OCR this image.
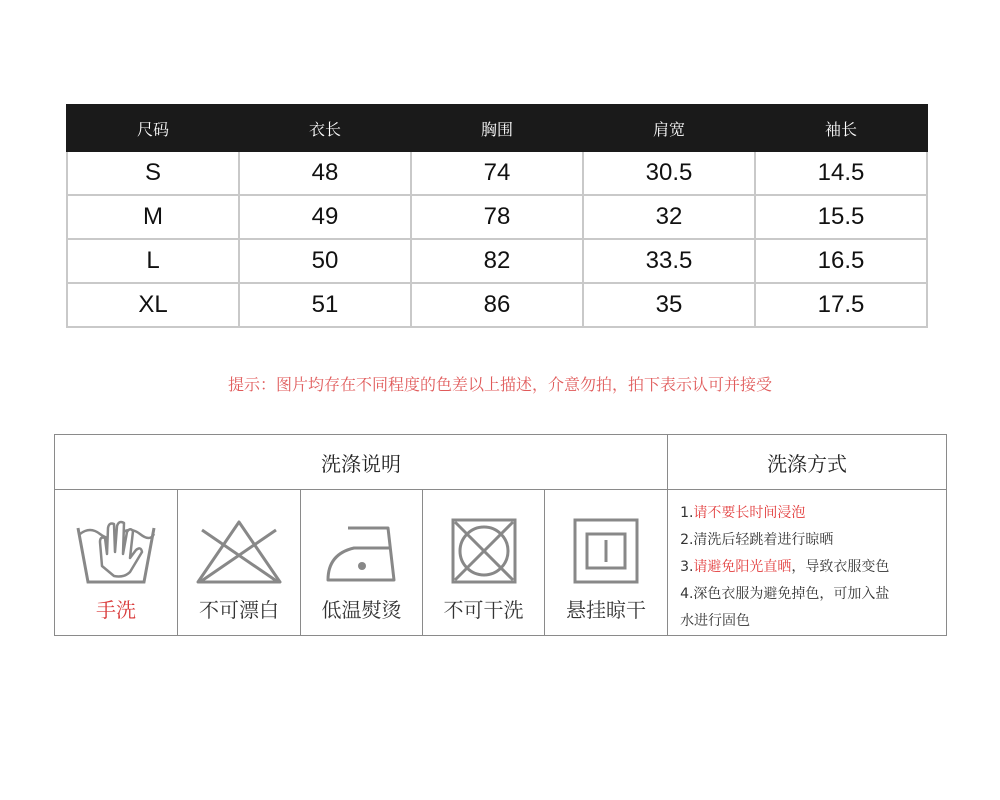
尺码	衣长	胸围	肩宽	袖长
S	48	74	30.5	14.5
M	49	78	32	15.5
L	50	82	33.5	16.5
XL	51	86	35	17.5
提示：图片均存在不同程度的色差以上描述，介意勿拍，拍下表示认可并接受
洗涤说明					洗涤方式

手洗	不可漂白	低温熨烫	不可干洗	悬挂晾干	1.请不要长时间浸泡
2.清洗后轻跳着进行晾晒
3.请避免阳光直晒，导致衣服变色
4.深色衣服为避免掉色，可加入盐
水进行固色
